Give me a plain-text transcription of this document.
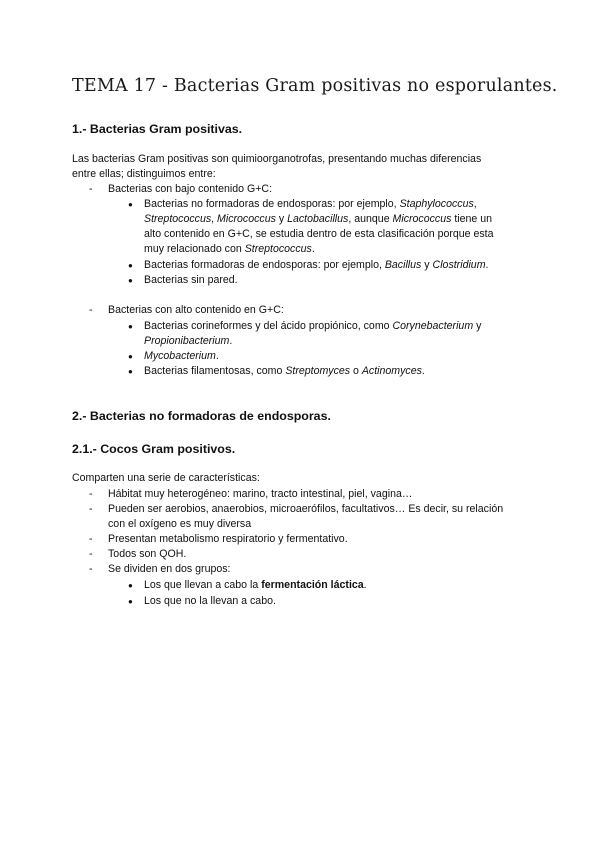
TEMA 17 - Bacterias Gram positivas no esporulantes.
1.- Bacterias Gram positivas.
Las bacterias Gram positivas son quimioorganotrofas, presentando muchas diferencias
entre ellas; distinguimos entre:
-	Bacterias con bajo contenido G+C:
●	Bacterias no formadoras de endosporas: por ejemplo, Staphylococcus,
Streptococcus, Micrococcus y Lactobacillus, aunque Micrococcus tiene un
alto contenido en G+C, se estudia dentro de esta clasificación porque esta
muy relacionado con Streptococcus.
●	Bacterias formadoras de endosporas: por ejemplo, Bacillus y Clostridium.
●	Bacterias sin pared.
-	Bacterias con alto contenido en G+C:
●	Bacterias corineformes y del ácido propiónico, como Corynebacterium y
Propionibacterium.
●	Mycobacterium.
●	Bacterias filamentosas, como Streptomyces o Actinomyces.
2.- Bacterias no formadoras de endosporas.
2.1.- Cocos Gram positivos.
Comparten una serie de características:
-	Hábitat muy heterogéneo: marino, tracto intestinal, piel, vagina…
-	Pueden ser aerobios, anaerobios, microaerófilos, facultativos… Es decir, su relación
con el oxígeno es muy diversa
-	Presentan metabolismo respiratorio y fermentativo.
-	Todos son QOH.
-	Se dividen en dos grupos:
●	Los que llevan a cabo la fermentación láctica.
●	Los que no la llevan a cabo.
